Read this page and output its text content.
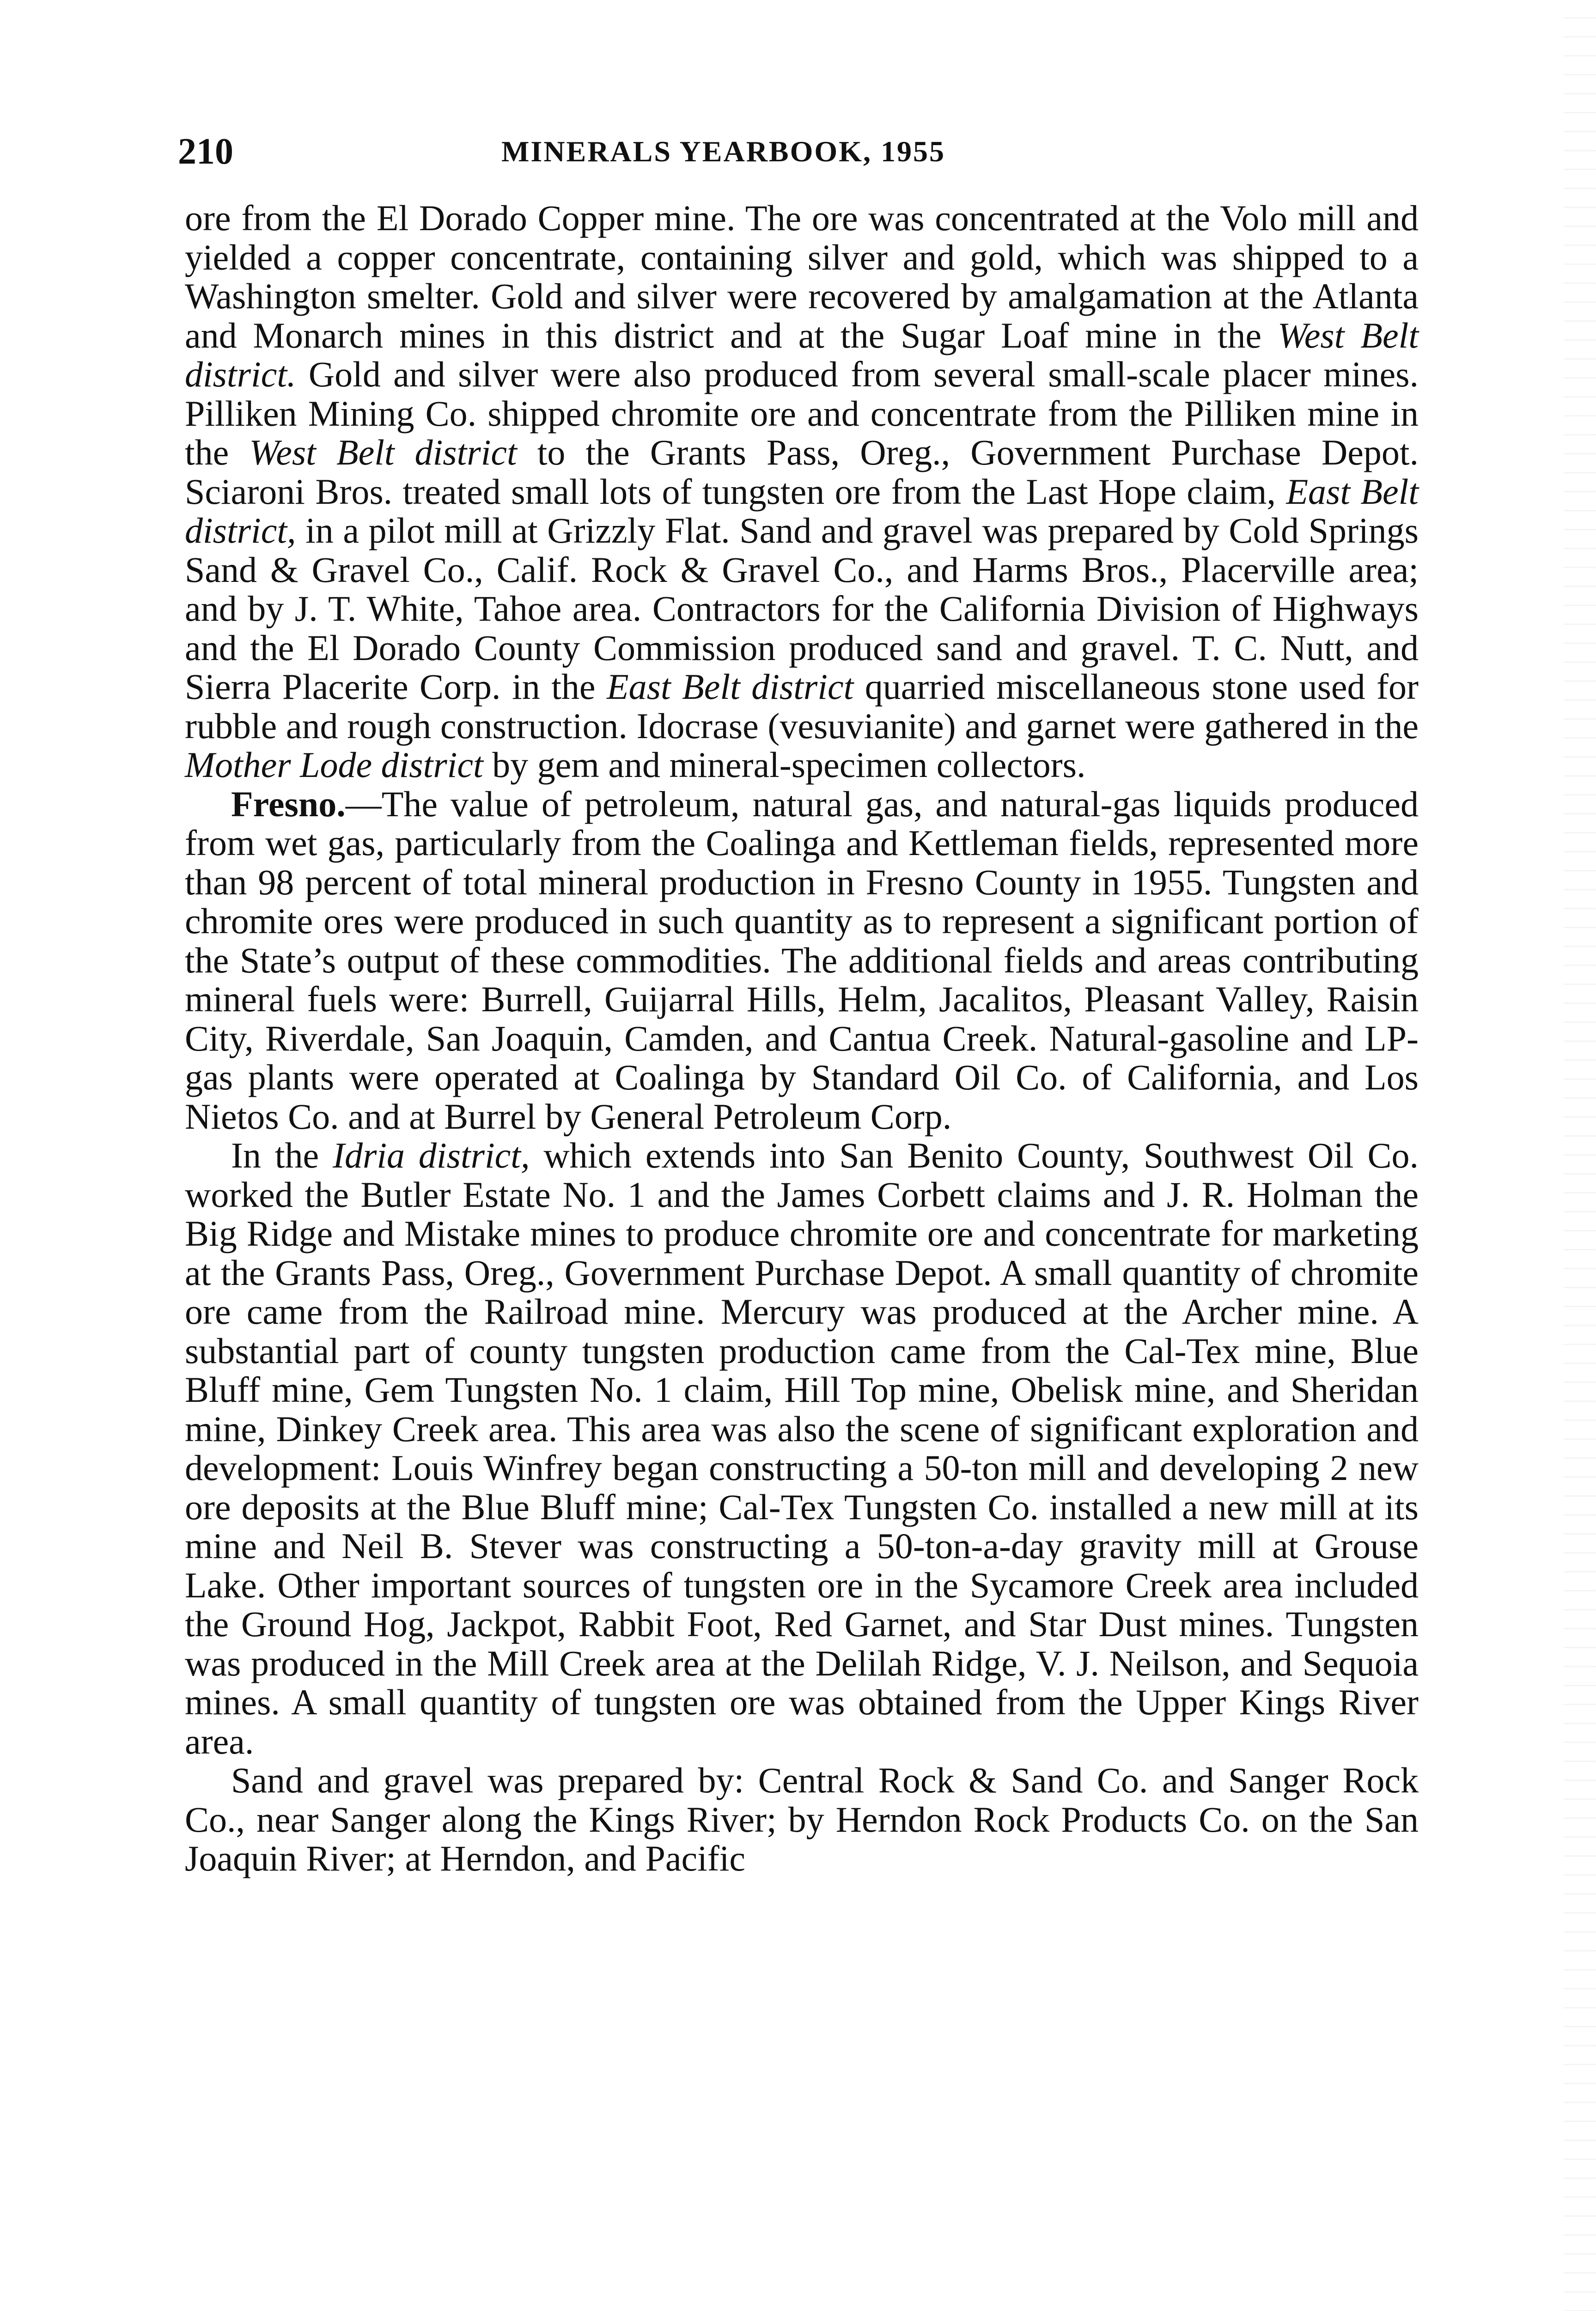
210	MINERALS YEARBOOK, 1955

ore from the El Dorado Copper mine. The ore was concentrated at the Volo mill and yielded a copper concentrate, containing silver and gold, which was shipped to a Washington smelter. Gold and silver were recovered by amalgamation at the Atlanta and Monarch mines in this district and at the Sugar Loaf mine in the West Belt district. Gold and silver were also produced from several small-scale placer mines. Pilliken Mining Co. shipped chromite ore and concentrate from the Pilliken mine in the West Belt district to the Grants Pass, Oreg., Government Purchase Depot. Sciaroni Bros. treated small lots of tungsten ore from the Last Hope claim, East Belt district, in a pilot mill at Grizzly Flat. Sand and gravel was prepared by Cold Springs Sand & Gravel Co., Calif. Rock & Gravel Co., and Harms Bros., Placerville area; and by J. T. White, Tahoe area. Contractors for the California Division of Highways and the El Dorado County Commission produced sand and gravel. T. C. Nutt, and Sierra Placerite Corp. in the East Belt district quarried miscellaneous stone used for rubble and rough construction. Idocrase (vesuvianite) and garnet were gathered in the Mother Lode district by gem and mineral-specimen collectors.

Fresno.—The value of petroleum, natural gas, and natural-gas liquids produced from wet gas, particularly from the Coalinga and Kettleman fields, represented more than 98 percent of total mineral production in Fresno County in 1955. Tungsten and chromite ores were produced in such quantity as to represent a significant portion of the State’s output of these commodities. The additional fields and areas contributing mineral fuels were: Burrell, Guijarral Hills, Helm, Jacalitos, Pleasant Valley, Raisin City, Riverdale, San Joaquin, Camden, and Cantua Creek. Natural-gasoline and LP-gas plants were operated at Coalinga by Standard Oil Co. of California, and Los Nietos Co. and at Burrel by General Petroleum Corp.

In the Idria district, which extends into San Benito County, Southwest Oil Co. worked the Butler Estate No. 1 and the James Corbett claims and J. R. Holman the Big Ridge and Mistake mines to produce chromite ore and concentrate for marketing at the Grants Pass, Oreg., Government Purchase Depot. A small quantity of chromite ore came from the Railroad mine. Mercury was produced at the Archer mine. A substantial part of county tungsten production came from the Cal-Tex mine, Blue Bluff mine, Gem Tungsten No. 1 claim, Hill Top mine, Obelisk mine, and Sheridan mine, Dinkey Creek area. This area was also the scene of significant exploration and development: Louis Winfrey began constructing a 50-ton mill and developing 2 new ore deposits at the Blue Bluff mine; Cal-Tex Tungsten Co. installed a new mill at its mine and Neil B. Stever was constructing a 50-ton-a-day gravity mill at Grouse Lake. Other important sources of tungsten ore in the Sycamore Creek area included the Ground Hog, Jackpot, Rabbit Foot, Red Garnet, and Star Dust mines. Tungsten was produced in the Mill Creek area at the Delilah Ridge, V. J. Neilson, and Sequoia mines. A small quantity of tungsten ore was obtained from the Upper Kings River area.

Sand and gravel was prepared by: Central Rock & Sand Co. and Sanger Rock Co., near Sanger along the Kings River; by Herndon Rock Products Co. on the San Joaquin River; at Herndon, and Pacific
